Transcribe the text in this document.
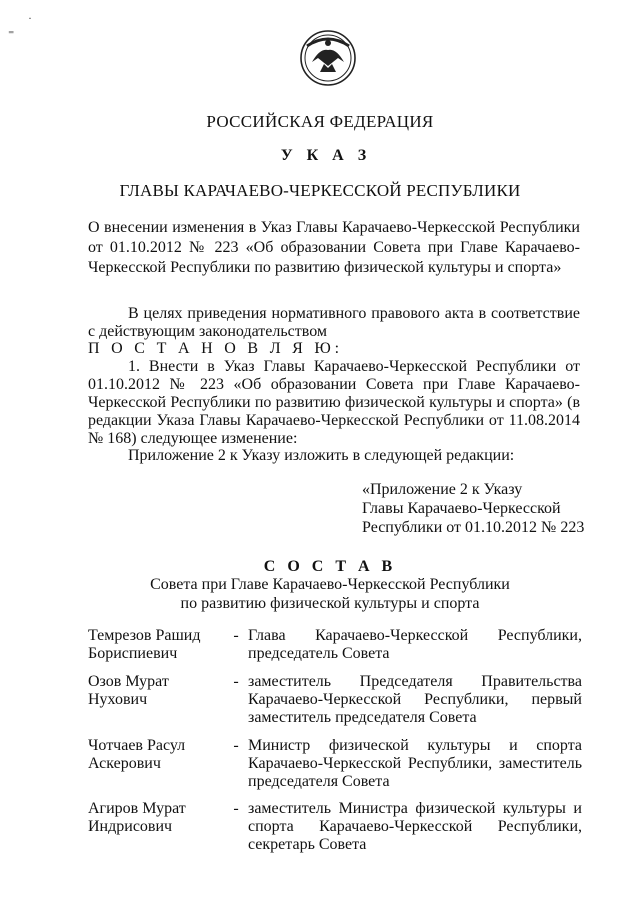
·
⁼
РОССИЙСКАЯ ФЕДЕРАЦИЯ
У К А З
ГЛАВЫ КАРАЧАЕВО-ЧЕРКЕССКОЙ РЕСПУБЛИКИ

О внесении изменения в Указ Главы Карачаево-Черкесской Республики от 01.10.2012 № 223 «Об образовании Совета при Главе Карачаево-Черкесской Республики по развитию физической культуры и спорта»

В целях приведения нормативного правового акта в соответствие с действующим законодательством

П О С Т А Н О В Л Я Ю:

1. Внести в Указ Главы Карачаево-Черкесской Республики от 01.10.2012 № 223 «Об образовании Совета при Главе Карачаево-Черкесской Республики по развитию физической культуры и спорта» (в редакции Указа Главы Карачаево-Черкесской Республики от 11.08.2014 № 168) следующее изменение:

Приложение 2 к Указу изложить в следующей редакции:

«Приложение 2 к Указу
Главы Карачаево-Черкесской
Республики от 01.10.2012 № 223
С О С Т А В
Совета при Главе Карачаево-Черкесской Республики
по развитию физической культуры и спорта
Темрезов Рашид Бориспиевич
- Глава Карачаево-Черкесской Республики, председатель Совета
Озов Мурат Нухович
- заместитель Председателя Правительства Карачаево-Черкесской Республики, первый заместитель председателя Совета
Чотчаев Расул Аскерович
- Министр физической культуры и спорта Карачаево-Черкесской Республики, заместитель председателя Совета
Агиров Мурат Индрисович
- заместитель Министра физической культуры и спорта Карачаево-Черкесской Республики, секретарь Совета
